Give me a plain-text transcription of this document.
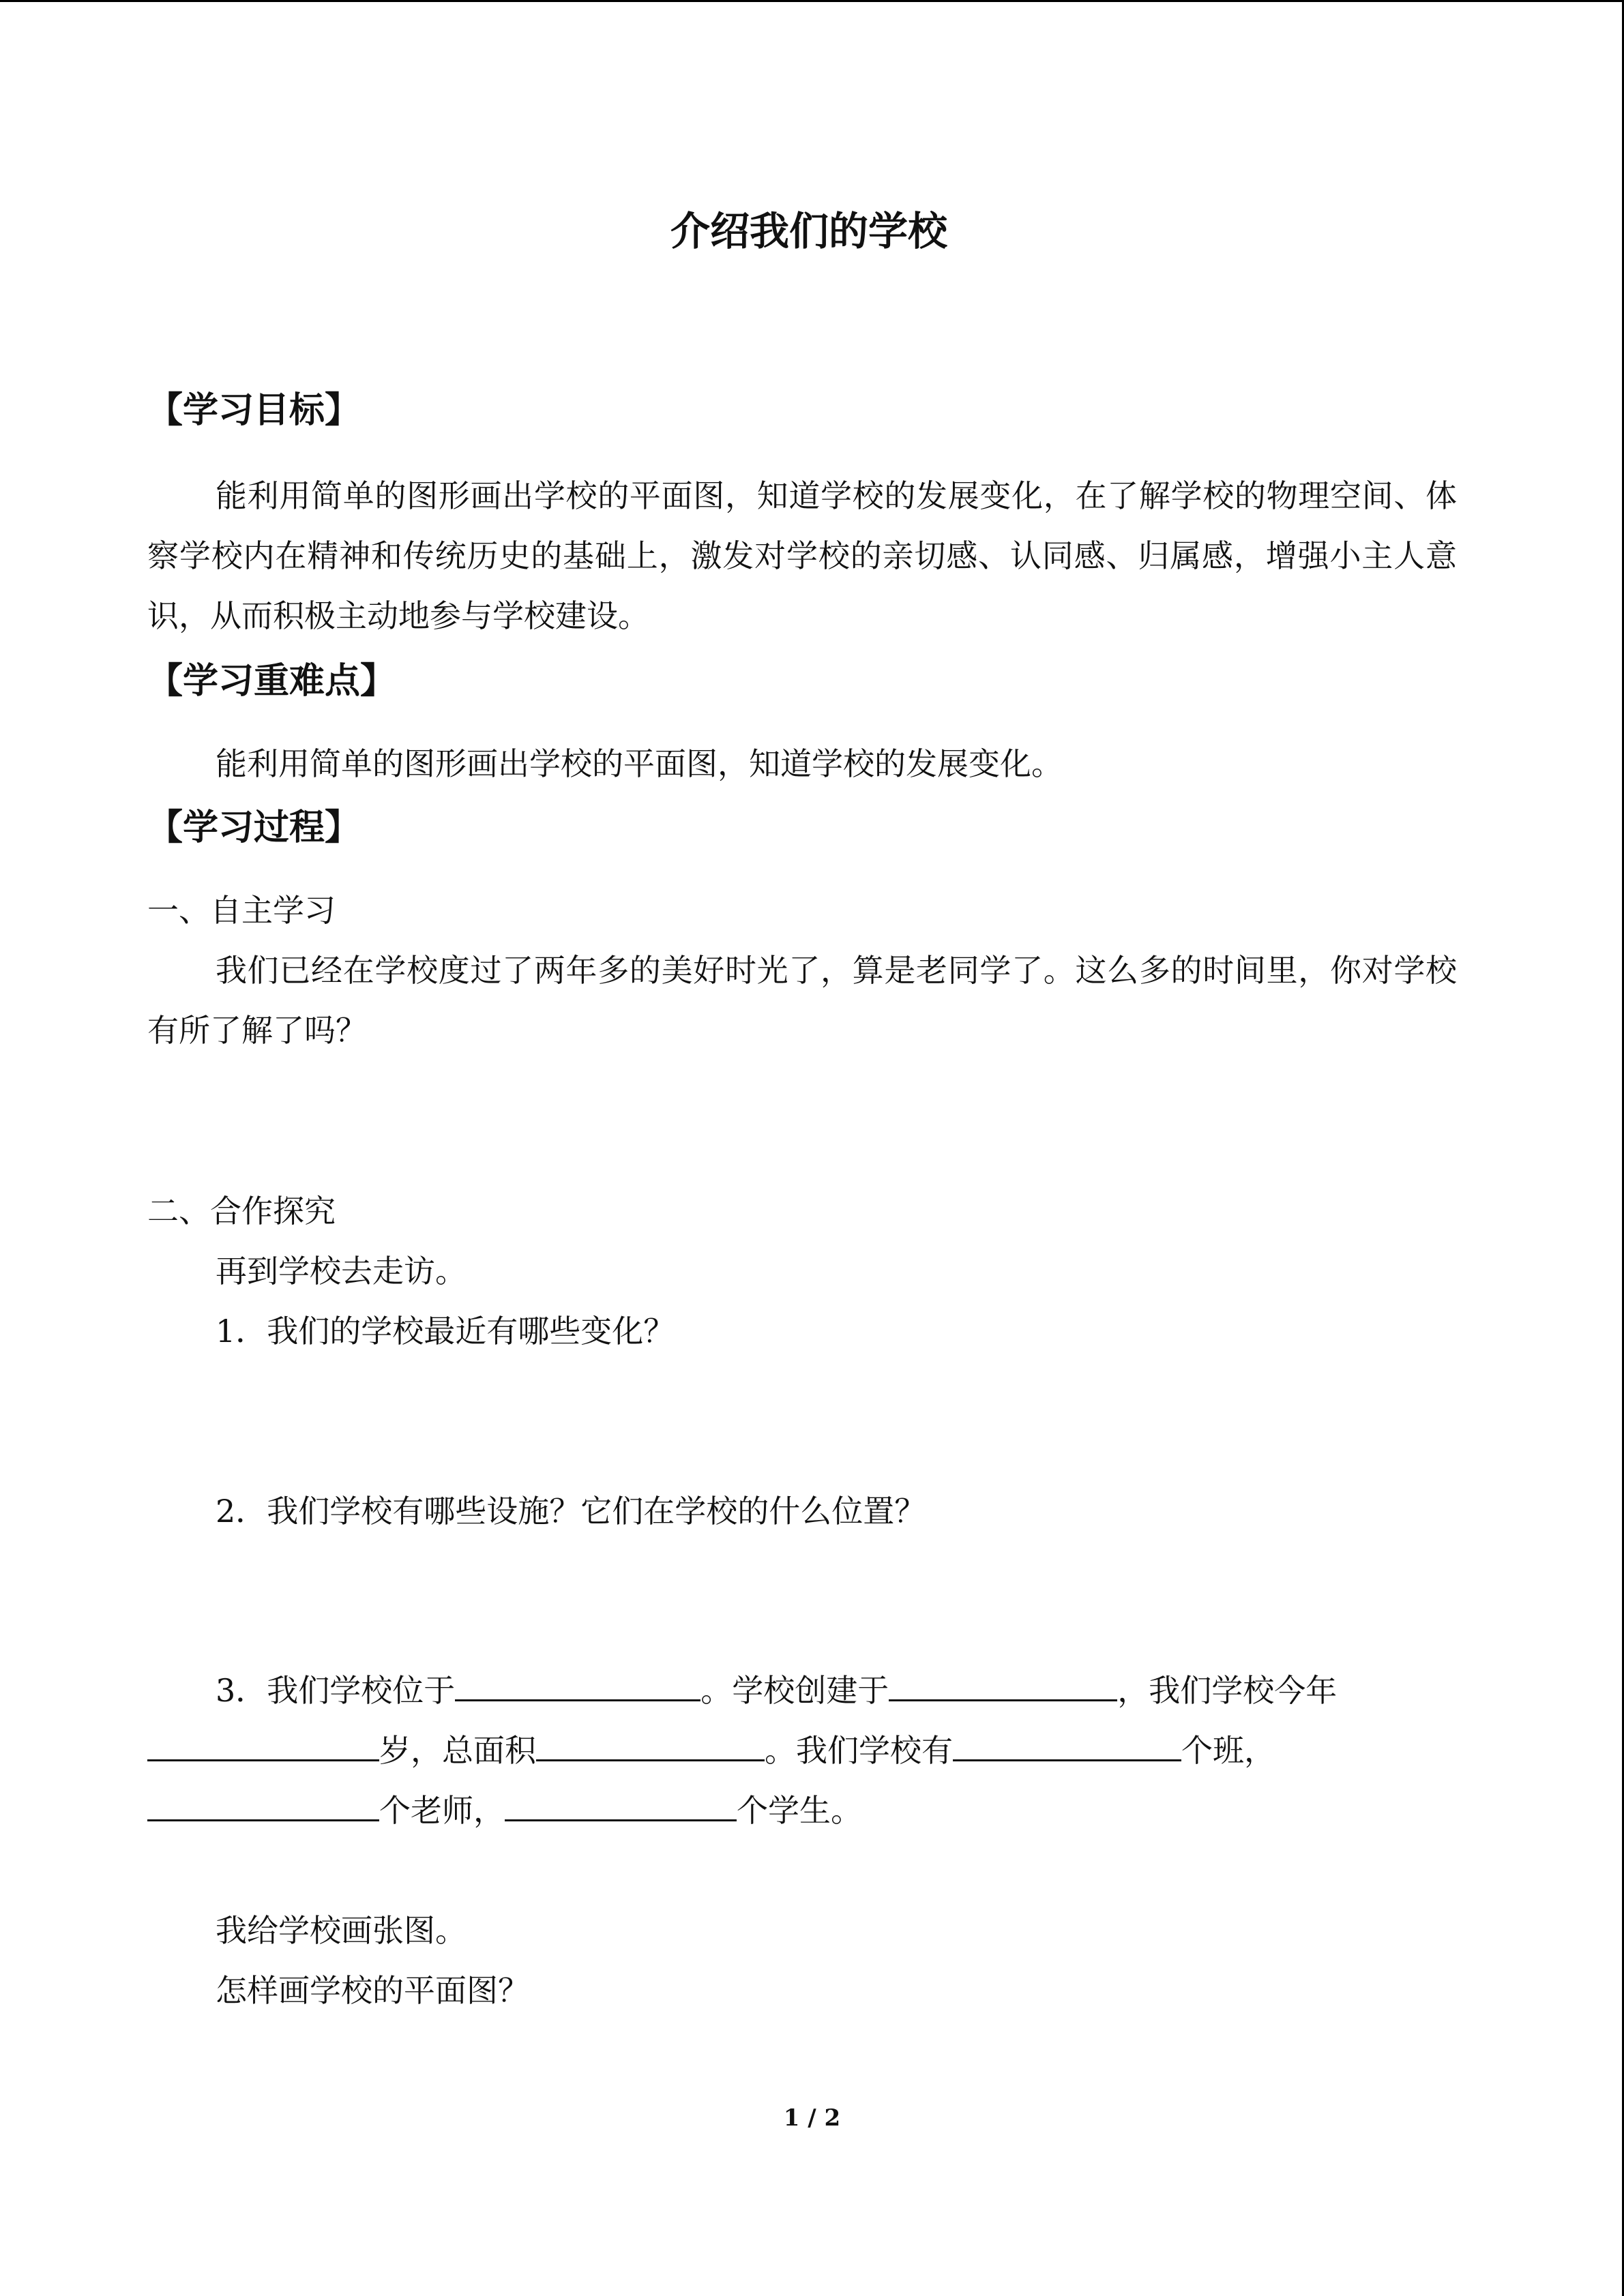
介绍我们的学校
【学习目标】
能利用简单的图形画出学校的平面图，知道学校的发展变化，在了解学校的物理空间、体察学校内在精神和传统历史的基础上，激发对学校的亲切感、认同感、归属感，增强小主人意识，从而积极主动地参与学校建设。
【学习重难点】
能利用简单的图形画出学校的平面图，知道学校的发展变化。
【学习过程】
一、自主学习
我们已经在学校度过了两年多的美好时光了，算是老同学了。这么多的时间里，你对学校有所了解了吗？
二、合作探究
再到学校去走访。
1．我们的学校最近有哪些变化？
2．我们学校有哪些设施？它们在学校的什么位置？
3．我们学校位于	。学校创建于	，我们学校今年
岁，总面积	。我们学校有	个班，
个老师，	个学生。
我给学校画张图。
怎样画学校的平面图？
1 / 2
